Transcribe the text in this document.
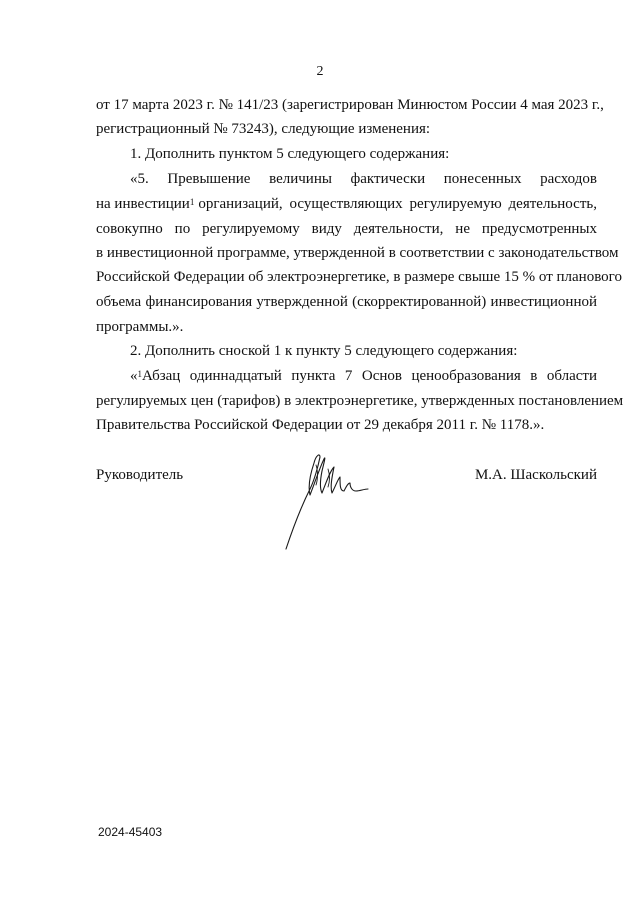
2
от 17 марта 2023 г. № 141/23 (зарегистрирован Минюстом России 4 мая 2023 г.,
регистрационный № 73243), следующие изменения:
1. Дополнить пунктом 5 следующего содержания:
«5. Превышение величины фактически понесенных расходов
на инвестиции$^1$ организаций, осуществляющих регулируемую деятельность,
совокупно по регулируемому виду деятельности, не предусмотренных
в инвестиционной программе, утвержденной в соответствии с законодательством
Российской Федерации об электроэнергетике, в размере свыше 15 % от планового
объема финансирования утвержденной (скорректированной) инвестиционной
программы.».
2. Дополнить сноской 1 к пункту 5 следующего содержания:
«$^1$ Абзац одиннадцатый пункта 7 Основ ценообразования в области
регулируемых цен (тарифов) в электроэнергетике, утвержденных постановлением
Правительства Российской Федерации от 29 декабря 2011 г. № 1178.».
Руководитель	М.А. Шаскольский
2024-45403
